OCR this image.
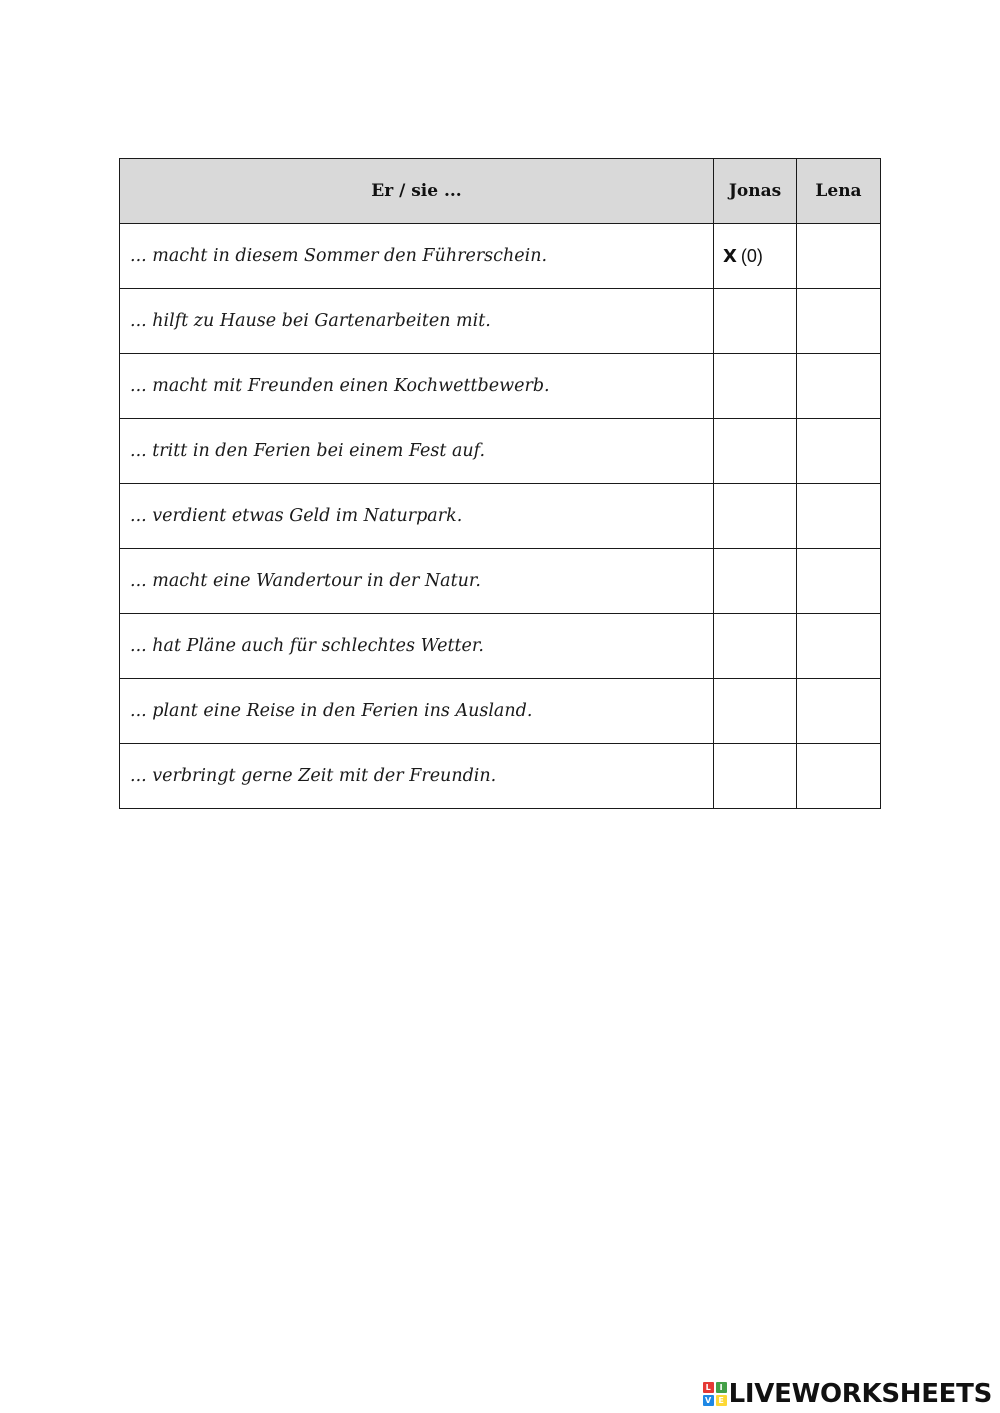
Er / sie ...	Jonas	Lena
... macht in diesem Sommer den Führerschein.	X (0)	
... hilft zu Hause bei Gartenarbeiten mit.		
... macht mit Freunden einen Kochwettbewerb.		
... tritt in den Ferien bei einem Fest auf.		
... verdient etwas Geld im Naturpark.		
... macht eine Wandertour in der Natur.		
... hat Pläne auch für schlechtes Wetter.		
... plant eine Reise in den Ferien ins Ausland.		
... verbringt gerne Zeit mit der Freundin.		
L	I
V E LIVEWORKSHEETS
